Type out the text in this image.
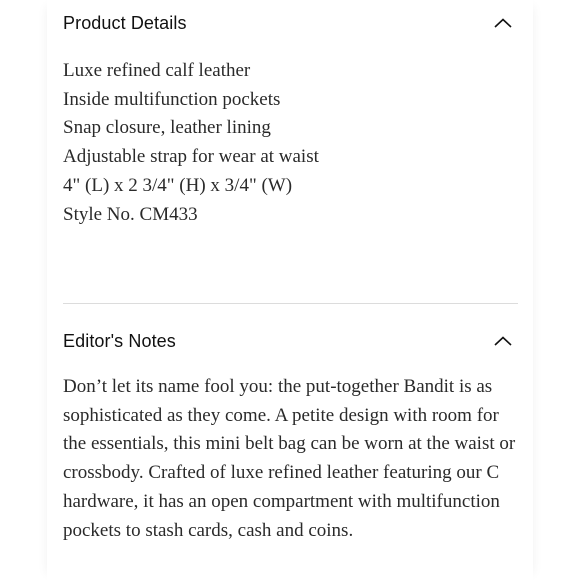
Product Details
Luxe refined calf leather
Inside multifunction pockets
Snap closure, leather lining
Adjustable strap for wear at waist
4" (L) x 2 3/4" (H) x 3/4" (W)
Style No. CM433
Editor's Notes

Don’t let its name fool you: the put-together Bandit is as sophisticated as they come. A petite design with room for the essentials, this mini belt bag can be worn at the waist or crossbody. Crafted of luxe refined leather featuring our C hardware, it has an open compartment with multifunction pockets to stash cards, cash and coins.
